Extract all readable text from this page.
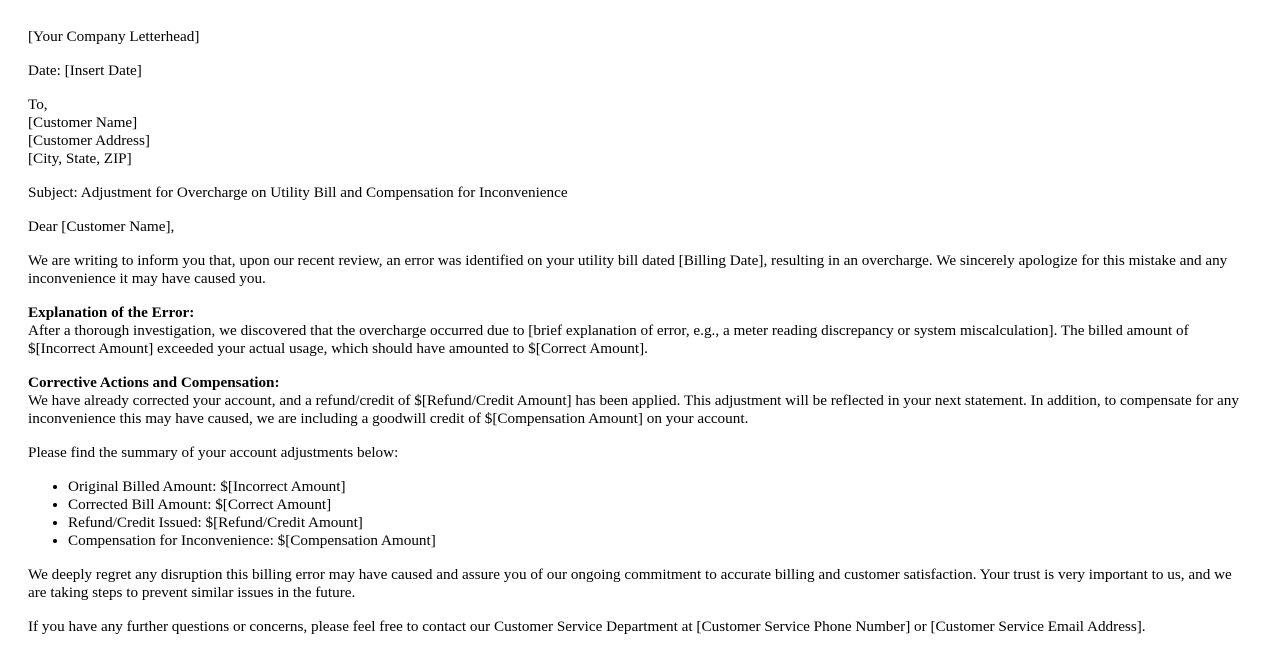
[Your Company Letterhead]

Date: [Insert Date]

To,
[Customer Name]
[Customer Address]
[City, State, ZIP]

Subject: Adjustment for Overcharge on Utility Bill and Compensation for Inconvenience

Dear [Customer Name],

We are writing to inform you that, upon our recent review, an error was identified on your utility bill dated [Billing Date], resulting in an overcharge. We sincerely apologize for this mistake and any inconvenience it may have caused you.

Explanation of the Error:
After a thorough investigation, we discovered that the overcharge occurred due to [brief explanation of error, e.g., a meter reading discrepancy or system miscalculation]. The billed amount of $[Incorrect Amount] exceeded your actual usage, which should have amounted to $[Correct Amount].

Corrective Actions and Compensation:
We have already corrected your account, and a refund/credit of $[Refund/Credit Amount] has been applied. This adjustment will be reflected in your next statement. In addition, to compensate for any inconvenience this may have caused, we are including a goodwill credit of $[Compensation Amount] on your account.

Please find the summary of your account adjustments below:

• Original Billed Amount: $[Incorrect Amount]
• Corrected Bill Amount: $[Correct Amount]
• Refund/Credit Issued: $[Refund/Credit Amount]
• Compensation for Inconvenience: $[Compensation Amount]

We deeply regret any disruption this billing error may have caused and assure you of our ongoing commitment to accurate billing and customer satisfaction. Your trust is very important to us, and we are taking steps to prevent similar issues in the future.

If you have any further questions or concerns, please feel free to contact our Customer Service Department at [Customer Service Phone Number] or [Customer Service Email Address].
